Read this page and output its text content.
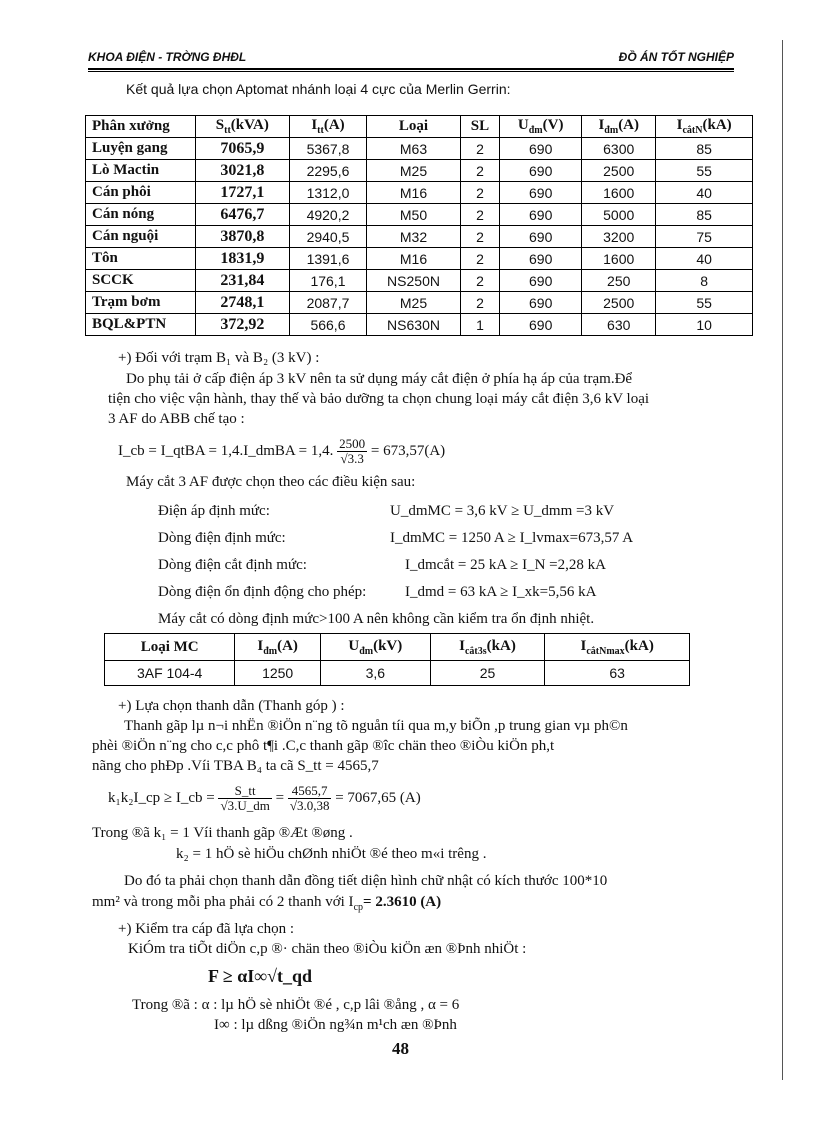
KHOA ĐIỆN - TRỜNG ĐHĐL	ĐỒ ÁN TỐT NGHIỆP
Kết quả lựa chọn Aptomat nhánh loại 4 cực của Merlin Gerrin:
Phân xưởng	$S_{tt}(kVA)$	$I_{tt}(A)$	Loại	SL	$U_{đm}(V)$	$I_{đm}(A)$	$I_{cắtN}(kA)$
Luyện gang	7065,9	5367,8	M63	2	690	6300	85
Lò Mactin	3021,8	2295,6	M25	2	690	2500	55
Cán phôi	1727,1	1312,0	M16	2	690	1600	40
Cán nóng	6476,7	4920,2	M50	2	690	5000	85
Cán nguội	3870,8	2940,5	M32	2	690	3200	75
Tôn	1831,9	1391,6	M16	2	690	1600	40
SCCK	231,84	176,1	NS250N	2	690	250	8
Trạm bơm	2748,1	2087,7	M25	2	690	2500	55
BQL&PTN	372,92	566,6	NS630N	1	690	630	10
+) Đối với trạm B₁ và B₂ (3 kV) :
Do phụ tải ở cấp điện áp 3 kV nên ta sử dụng máy cắt điện ở phía hạ áp của trạm.Để
tiện cho việc vận hành, thay thế và bảo dưỡng ta chọn chung loại máy cắt điện 3,6 kV loại
3 AF do ABB chế tạo :
I_cb = I_qtBA = 1,4.I_dmBA = 1,4. $\frac{2500}{√3.3} = 673,57(A)$
Máy cắt 3 AF được chọn theo các điều kiện sau:
Điện áp định mức:	U_dmMC = 3,6 kV ≥ U_dmm =3 kV
Dòng điện định mức:	I_dmMC = 1250 A ≥ I_lvmax=673,57 A
Dòng điện cắt định mức:	I_dmcắt = 25 kA ≥ I_N =2,28 kA
Dòng điện ổn định động cho phép:	I_dmd = 63 kA ≥ I_xk=5,56 kA
Máy cắt có dòng định mức>100 A nên không cần kiểm tra ổn định nhiệt.
Loại MC	$I_{đm}(A)$	$U_{đm}(kV)$	$I_{cắt3s}(kA)$	$I_{cắtNmax}(kA)$
3AF 104-4	1250	3,6	25	63
+) Lựa chọn thanh dẫn (Thanh góp ) :
Thanh gãp lµ n¬i nhËn ®iÖn n¨ng tõ nguån tíi qua m,y biÕn ,p trung gian vµ ph©n
phèi ®iÖn n¨ng cho c,c phô t¶i .C,c thanh gãp ®îc chän theo ®iÒu kiÖn ph,t
nãng cho phÐp .Víi TBA B₄ ta cã S_tt = 4565,7
k₁k₂I_cp ≥ I_cb = $\frac{S\_tt}{√3.U\_dm} = \frac{4565,7}{√3.0,38} = 7067,65$ (A)
Trong ®ã k₁ = 1 Víi thanh gãp ®Æt ®øng .
k₂ = 1 hÖ sè hiÖu chØnh nhiÖt ®é theo m«i trêng .
Do đó ta phải chọn thanh dẫn đồng tiết diện hình chữ nhật có kích thước 100*10
mm² và trong mỗi pha phải có 2 thanh với $I_{cp}= 2.3610$ (A)
+) Kiểm tra cáp đã lựa chọn :
KiÓm tra tiÕt diÖn c,p ®· chän theo ®iÒu kiÖn æn ®Þnh nhiÖt :
F ≥ αI∞√t_qd
Trong ®ã : α : lµ hÖ sè nhiÖt ®é , c,p lâi ®ång , α = 6
I∞ : lµ dßng ®iÖn ng¾n m¹ch æn ®Þnh
48
